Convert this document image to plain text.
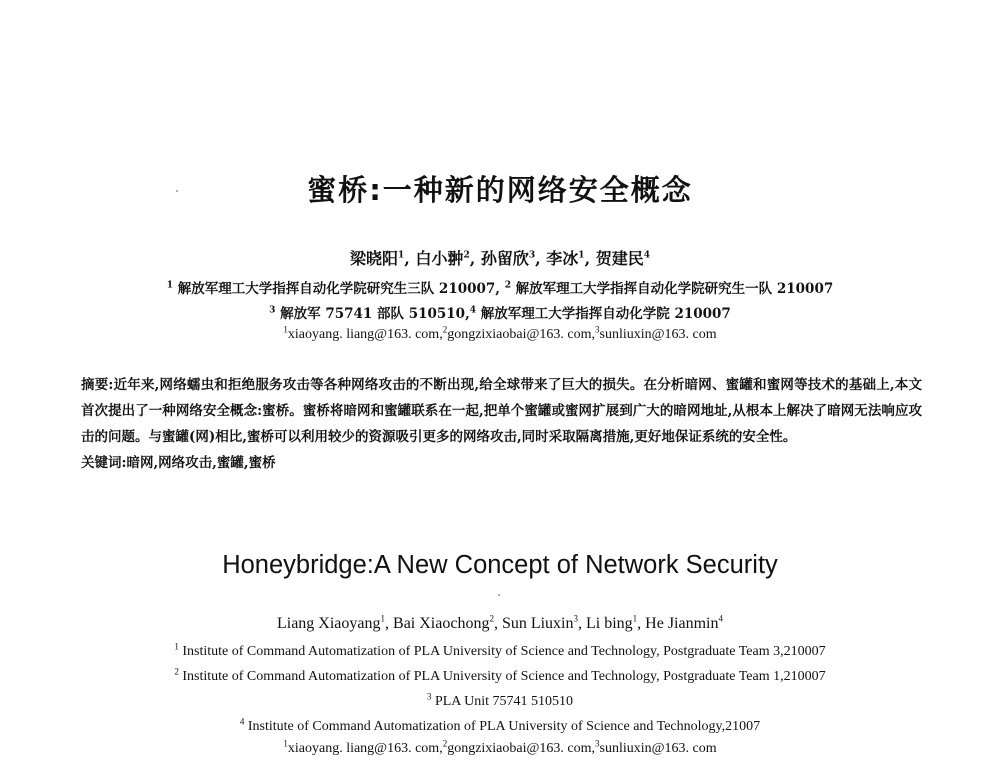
蜜桥:一种新的网络安全概念
梁晓阳$^1$, 白小翀$^2$, 孙留欣$^3$, 李冰$^1$, 贺建民$^4$
$^1$ 解放军理工大学指挥自动化学院研究生三队 210007, $^2$ 解放军理工大学指挥自动化学院研究生一队 210007
$^3$ 解放军 75741 部队 510510,$^4$ 解放军理工大学指挥自动化学院 210007
$^1$xiaoyang. liang@163. com,$^2$gongzixiaobai@163. com,$^3$sunliuxin@163. com
摘要:近年来,网络蠕虫和拒绝服务攻击等各种网络攻击的不断出现,给全球带来了巨大的损失。在分析暗网、蜜罐和蜜网等技术的基础上,本文首次提出了一种网络安全概念:蜜桥。蜜桥将暗网和蜜罐联系在一起,把单个蜜罐或蜜网扩展到广大的暗网地址,从根本上解决了暗网无法响应攻击的问题。与蜜罐(网)相比,蜜桥可以利用较少的资源吸引更多的网络攻击,同时采取隔离措施,更好地保证系统的安全性。
关键词:暗网,网络攻击,蜜罐,蜜桥
Honeybridge:A New Concept of Network Security
Liang Xiaoyang$^1$, Bai Xiaochong$^2$, Sun Liuxin$^3$, Li bing$^1$, He Jianmin$^4$
$^1$ Institute of Command Automatization of PLA University of Science and Technology, Postgraduate Team 3,210007
$^2$ Institute of Command Automatization of PLA University of Science and Technology, Postgraduate Team 1,210007
$^3$ PLA Unit 75741 510510
$^4$ Institute of Command Automatization of PLA University of Science and Technology,21007
$^1$xiaoyang. liang@163. com,$^2$gongzixiaobai@163. com,$^3$sunliuxin@163. com
